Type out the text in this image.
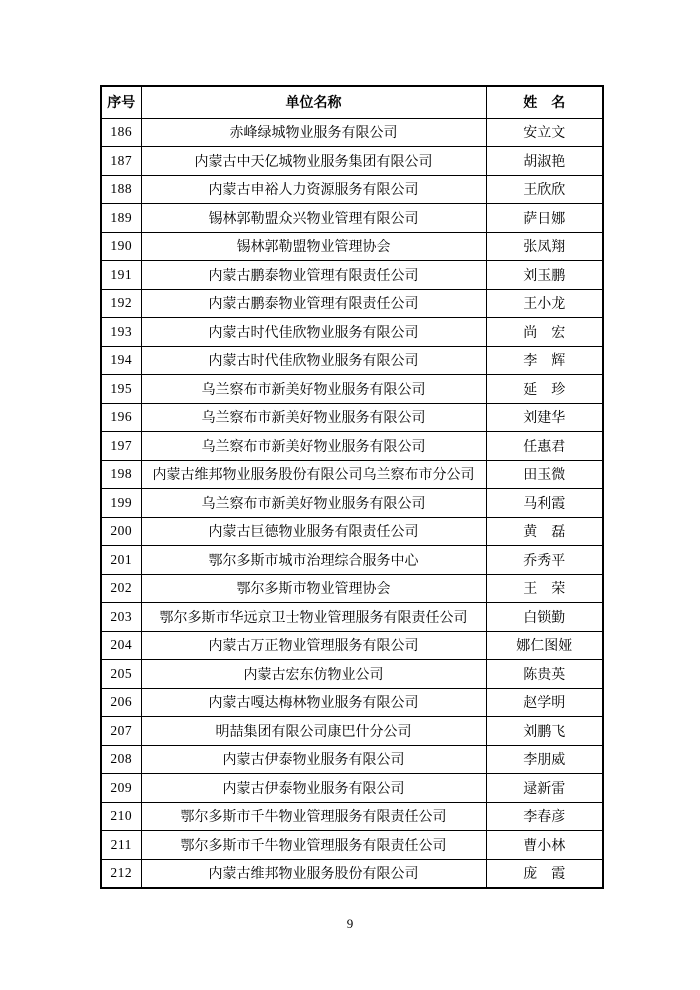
序号	单位名称	姓　名
186	赤峰绿城物业服务有限公司	安立文
187	内蒙古中天亿城物业服务集团有限公司	胡淑艳
188	内蒙古申裕人力资源服务有限公司	王欣欣
189	锡林郭勒盟众兴物业管理有限公司	萨日娜
190	锡林郭勒盟物业管理协会	张凤翔
191	内蒙古鹏泰物业管理有限责任公司	刘玉鹏
192	内蒙古鹏泰物业管理有限责任公司	王小龙
193	内蒙古时代佳欣物业服务有限公司	尚　宏
194	内蒙古时代佳欣物业服务有限公司	李　辉
195	乌兰察布市新美好物业服务有限公司	延　珍
196	乌兰察布市新美好物业服务有限公司	刘建华
197	乌兰察布市新美好物业服务有限公司	任惠君
198	内蒙古维邦物业服务股份有限公司乌兰察布市分公司	田玉微
199	乌兰察布市新美好物业服务有限公司	马利霞
200	内蒙古巨德物业服务有限责任公司	黄　磊
201	鄂尔多斯市城市治理综合服务中心	乔秀平
202	鄂尔多斯市物业管理协会	王　荣
203	鄂尔多斯市华远京卫士物业管理服务有限责任公司	白锁勤
204	内蒙古万正物业管理服务有限公司	娜仁图娅
205	内蒙古宏东仿物业公司	陈贵英
206	内蒙古嘎达梅林物业服务有限公司	赵学明
207	明喆集团有限公司康巴什分公司	刘鹏飞
208	内蒙古伊泰物业服务有限公司	李朋威
209	内蒙古伊泰物业服务有限公司	逯新雷
210	鄂尔多斯市千牛物业管理服务有限责任公司	李春彦
211	鄂尔多斯市千牛物业管理服务有限责任公司	曹小林
212	内蒙古维邦物业服务股份有限公司	庞　霞
9
